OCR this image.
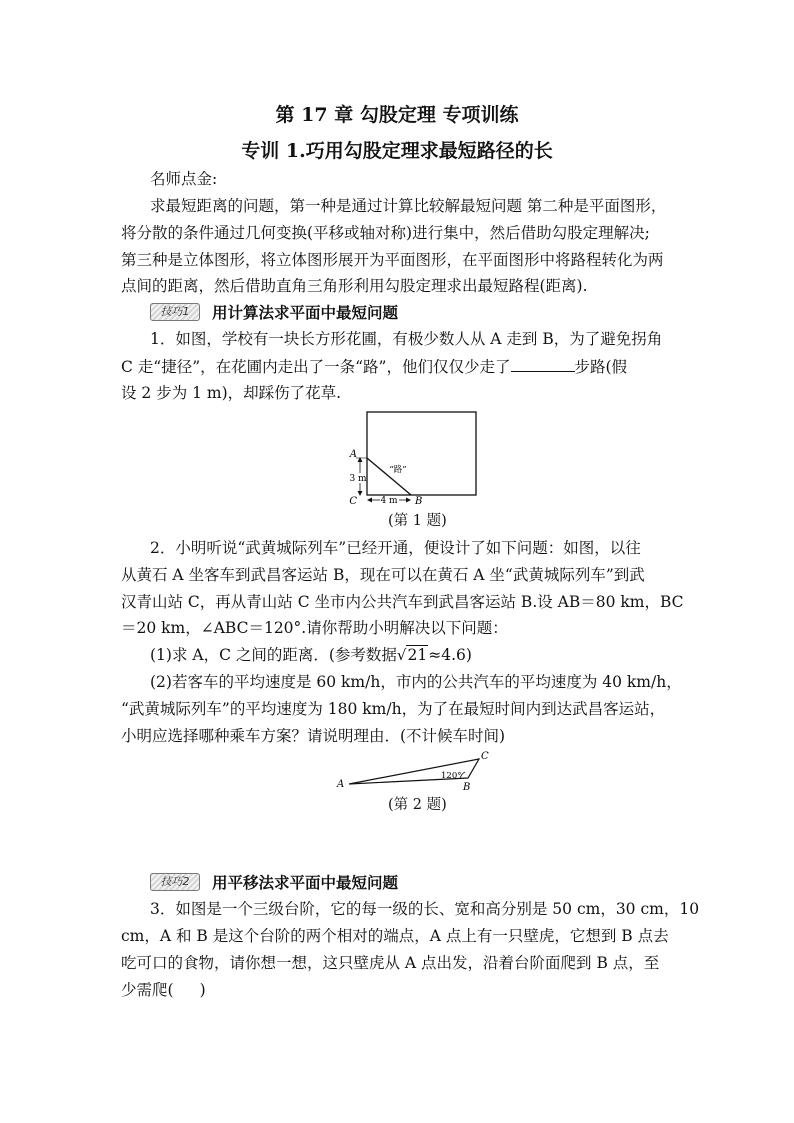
第 17 章 勾股定理 专项训练
专训 1.巧用勾股定理求最短路径的长
名师点金:
求最短距离的问题，第一种是通过计算比较解最短问题 第二种是平面图形，
将分散的条件通过几何变换(平移或轴对称)进行集中，然后借助勾股定理解决;
第三种是立体图形，将立体图形展开为平面图形，在平面图形中将路程转化为两
点间的距离，然后借助直角三角形利用勾股定理求出最短路程(距离).
技巧1	用计算法求平面中最短问题
1．如图，学校有一块长方形花圃，有极少数人从 A 走到 B，为了避免拐角
C 走“捷径”，在花圃内走出了一条“路”，他们仅仅少走了	步路(假
设 2 步为 1 m)，却踩伤了花草.
A
B
C
3 m
4 m
“路”
(第 1 题)
2．小明听说“武黄城际列车”已经开通，便设计了如下问题：如图，以往
从黄石 A 坐客车到武昌客运站 B，现在可以在黄石 A 坐“武黄城际列车”到武
汉青山站 C，再从青山站 C 坐市内公共汽车到武昌客运站 B.设 AB＝80 km，BC
＝20 km，∠ABC＝120°.请你帮助小明解决以下问题：
(1)求 A，C 之间的距离．(参考数据√21≈4.6)
(2)若客车的平均速度是 60 km/h，市内的公共汽车的平均速度为 40 km/h，
“武黄城际列车”的平均速度为 180 km/h，为了在最短时间内到达武昌客运站，
小明应选择哪种乘车方案？请说明理由．(不计候车时间)
A	B
C
120°
(第 2 题)
技巧2	用平移法求平面中最短问题
3．如图是一个三级台阶，它的每一级的长、宽和高分别是 50 cm，30 cm，10
cm，A 和 B 是这个台阶的两个相对的端点，A 点上有一只壁虎，它想到 B 点去
吃可口的食物，请你想一想，这只壁虎从 A 点出发，沿着台阶面爬到 B 点，至
少需爬( )
